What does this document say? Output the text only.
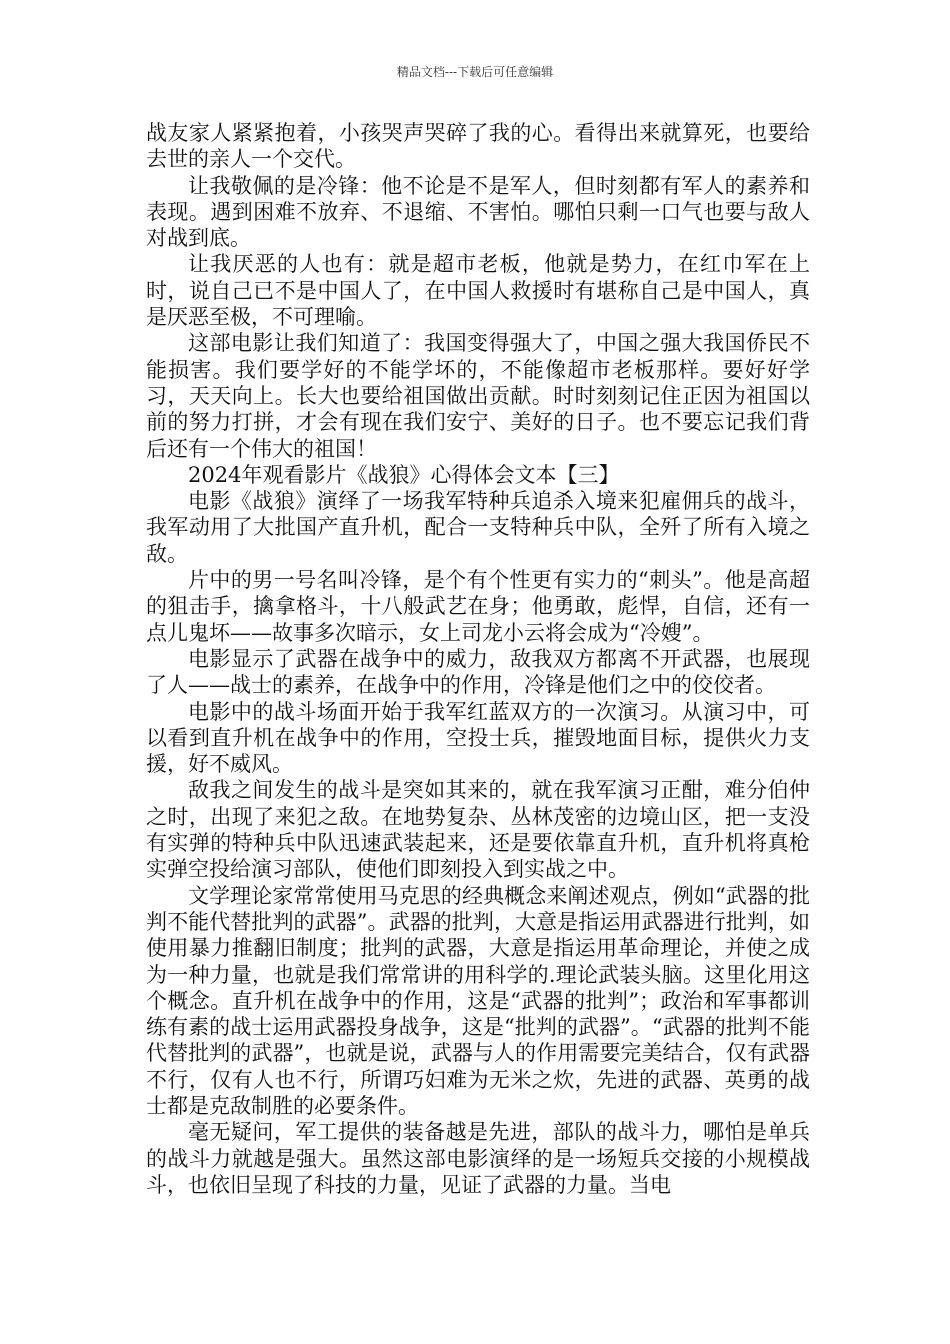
精品文档---下载后可任意编辑

战友家人紧紧抱着，小孩哭声哭碎了我的心。看得出来就算死，也要给去世的亲人一个交代。

让我敬佩的是冷锋：他不论是不是军人，但时刻都有军人的素养和表现。遇到困难不放弃、不退缩、不害怕。哪怕只剩一口气也要与敌人对战到底。

让我厌恶的人也有：就是超市老板，他就是势力，在红巾军在上时，说自己已不是中国人了，在中国人救援时有堪称自己是中国人，真是厌恶至极，不可理喻。

这部电影让我们知道了：我国变得强大了，中国之强大我国侨民不能损害。我们要学好的不能学坏的，不能像超市老板那样。要好好学习，天天向上。长大也要给祖国做出贡献。时时刻刻记住正因为祖国以前的努力打拼，才会有现在我们安宁、美好的日子。也不要忘记我们背后还有一个伟大的祖国！

2024年观看影片《战狼》心得体会文本【三】

电影《战狼》演绎了一场我军特种兵追杀入境来犯雇佣兵的战斗，我军动用了大批国产直升机，配合一支特种兵中队，全歼了所有入境之敌。

片中的男一号名叫冷锋，是个有个性更有实力的“刺头”。他是高超的狙击手，擒拿格斗，十八般武艺在身；他勇敢，彪悍，自信，还有一点儿鬼坏——故事多次暗示，女上司龙小云将会成为“冷嫂”。

电影显示了武器在战争中的威力，敌我双方都离不开武器，也展现了人——战士的素养，在战争中的作用，冷锋是他们之中的佼佼者。

电影中的战斗场面开始于我军红蓝双方的一次演习。从演习中，可以看到直升机在战争中的作用，空投士兵，摧毁地面目标，提供火力支援，好不威风。

敌我之间发生的战斗是突如其来的，就在我军演习正酣，难分伯仲之时，出现了来犯之敌。在地势复杂、丛林茂密的边境山区，把一支没有实弹的特种兵中队迅速武装起来，还是要依靠直升机，直升机将真枪实弹空投给演习部队，使他们即刻投入到实战之中。

文学理论家常常使用马克思的经典概念来阐述观点，例如“武器的批判不能代替批判的武器”。武器的批判，大意是指运用武器进行批判，如使用暴力推翻旧制度；批判的武器，大意是指运用革命理论，并使之成为一种力量，也就是我们常常讲的用科学的.理论武装头脑。这里化用这个概念。直升机在战争中的作用，这是“武器的批判”；政治和军事都训练有素的战士运用武器投身战争，这是“批判的武器”。“武器的批判不能代替批判的武器”，也就是说，武器与人的作用需要完美结合，仅有武器不行，仅有人也不行，所谓巧妇难为无米之炊，先进的武器、英勇的战士都是克敌制胜的必要条件。

毫无疑问，军工提供的装备越是先进，部队的战斗力，哪怕是单兵的战斗力就越是强大。虽然这部电影演绎的是一场短兵交接的小规模战斗，也依旧呈现了科技的力量，见证了武器的力量。当电
